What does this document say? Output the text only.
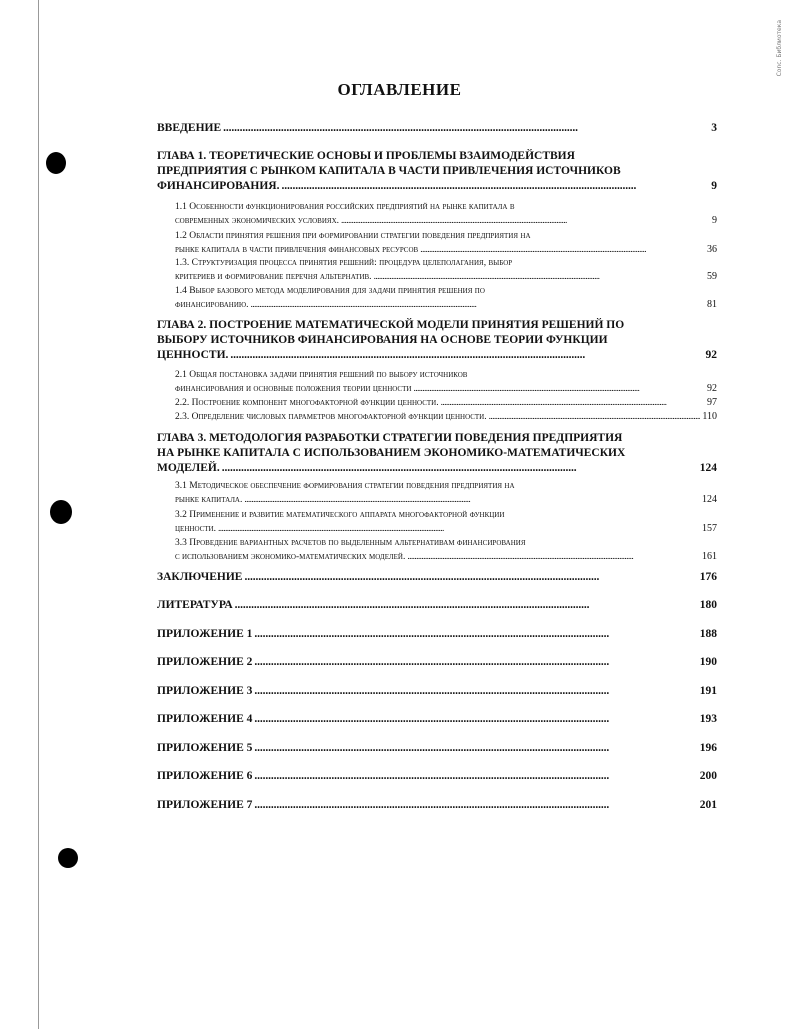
Сonc. Библиотека
ОГЛАВЛЕНИЕ
ВВЕДЕНИЕ . . .	3
ГЛАВА 1. ТЕОРЕТИЧЕСКИЕ ОСНОВЫ И ПРОБЛЕМЫ ВЗАИМОДЕЙСТВИЯ
ПРЕДПРИЯТИЯ С РЫНКОМ КАПИТАЛА В ЧАСТИ ПРИВЛЕЧЕНИЯ ИСТОЧНИКОВ
ФИНАНСИРОВАНИЯ. . . .	9
1.1 Особенности функционирования российских предприятий на рынке капитала в
современных экономических условиях. . . .	9
1.2 Области принятия решения при формировании стратегии поведения предприятия на
рынке капитала в части привлечения финансовых ресурсов . . .	36
1.3. Структуризация процесса принятия решений: процедура целеполагания, выбор
критериев и формирование перечня альтернатив. . . .	59
1.4 Выбор базового метода моделирования для задачи принятия решения по
финансированию. . . .	81
ГЛАВА 2. ПОСТРОЕНИЕ МАТЕМАТИЧЕСКОЙ МОДЕЛИ ПРИНЯТИЯ РЕШЕНИЙ ПО
ВЫБОРУ ИСТОЧНИКОВ ФИНАНСИРОВАНИЯ НА ОСНОВЕ ТЕОРИИ ФУНКЦИИ
ЦЕННОСТИ. . . .	92
2.1 Общая постановка задачи принятия решений по выбору источников
финансирования и основные положения теории ценности . . .	92
2.2. Построение компонент многофакторной функции ценности. . . .	97
2.3. Определение числовых параметров многофакторной функции ценности. . . .	110
ГЛАВА 3. МЕТОДОЛОГИЯ РАЗРАБОТКИ СТРАТЕГИИ ПОВЕДЕНИЯ ПРЕДПРИЯТИЯ
НА РЫНКЕ КАПИТАЛА С ИСПОЛЬЗОВАНИЕМ ЭКОНОМИКО-МАТЕМАТИЧЕСКИХ
МОДЕЛЕЙ. . . .	124
3.1 Методическое обеспечение формирования стратегии поведения предприятия на
рынке капитала. . . .	124
3.2 Применение и развитие математического аппарата многофакторной функции
ценности. . . .	157
3.3 Проведение вариантных расчетов по выделенным альтернативам финансирования
с использованием экономико-математических моделей. . . .	161
ЗАКЛЮЧЕНИЕ . . .	176
ЛИТЕРАТУРА . . .	180
ПРИЛОЖЕНИЕ 1 . . .	188
ПРИЛОЖЕНИЕ 2 . . .	190
ПРИЛОЖЕНИЕ 3 . . .	191
ПРИЛОЖЕНИЕ 4 . . .	193
ПРИЛОЖЕНИЕ 5 . . .	196
ПРИЛОЖЕНИЕ 6 . . .	200
ПРИЛОЖЕНИЕ 7 . . .	201
